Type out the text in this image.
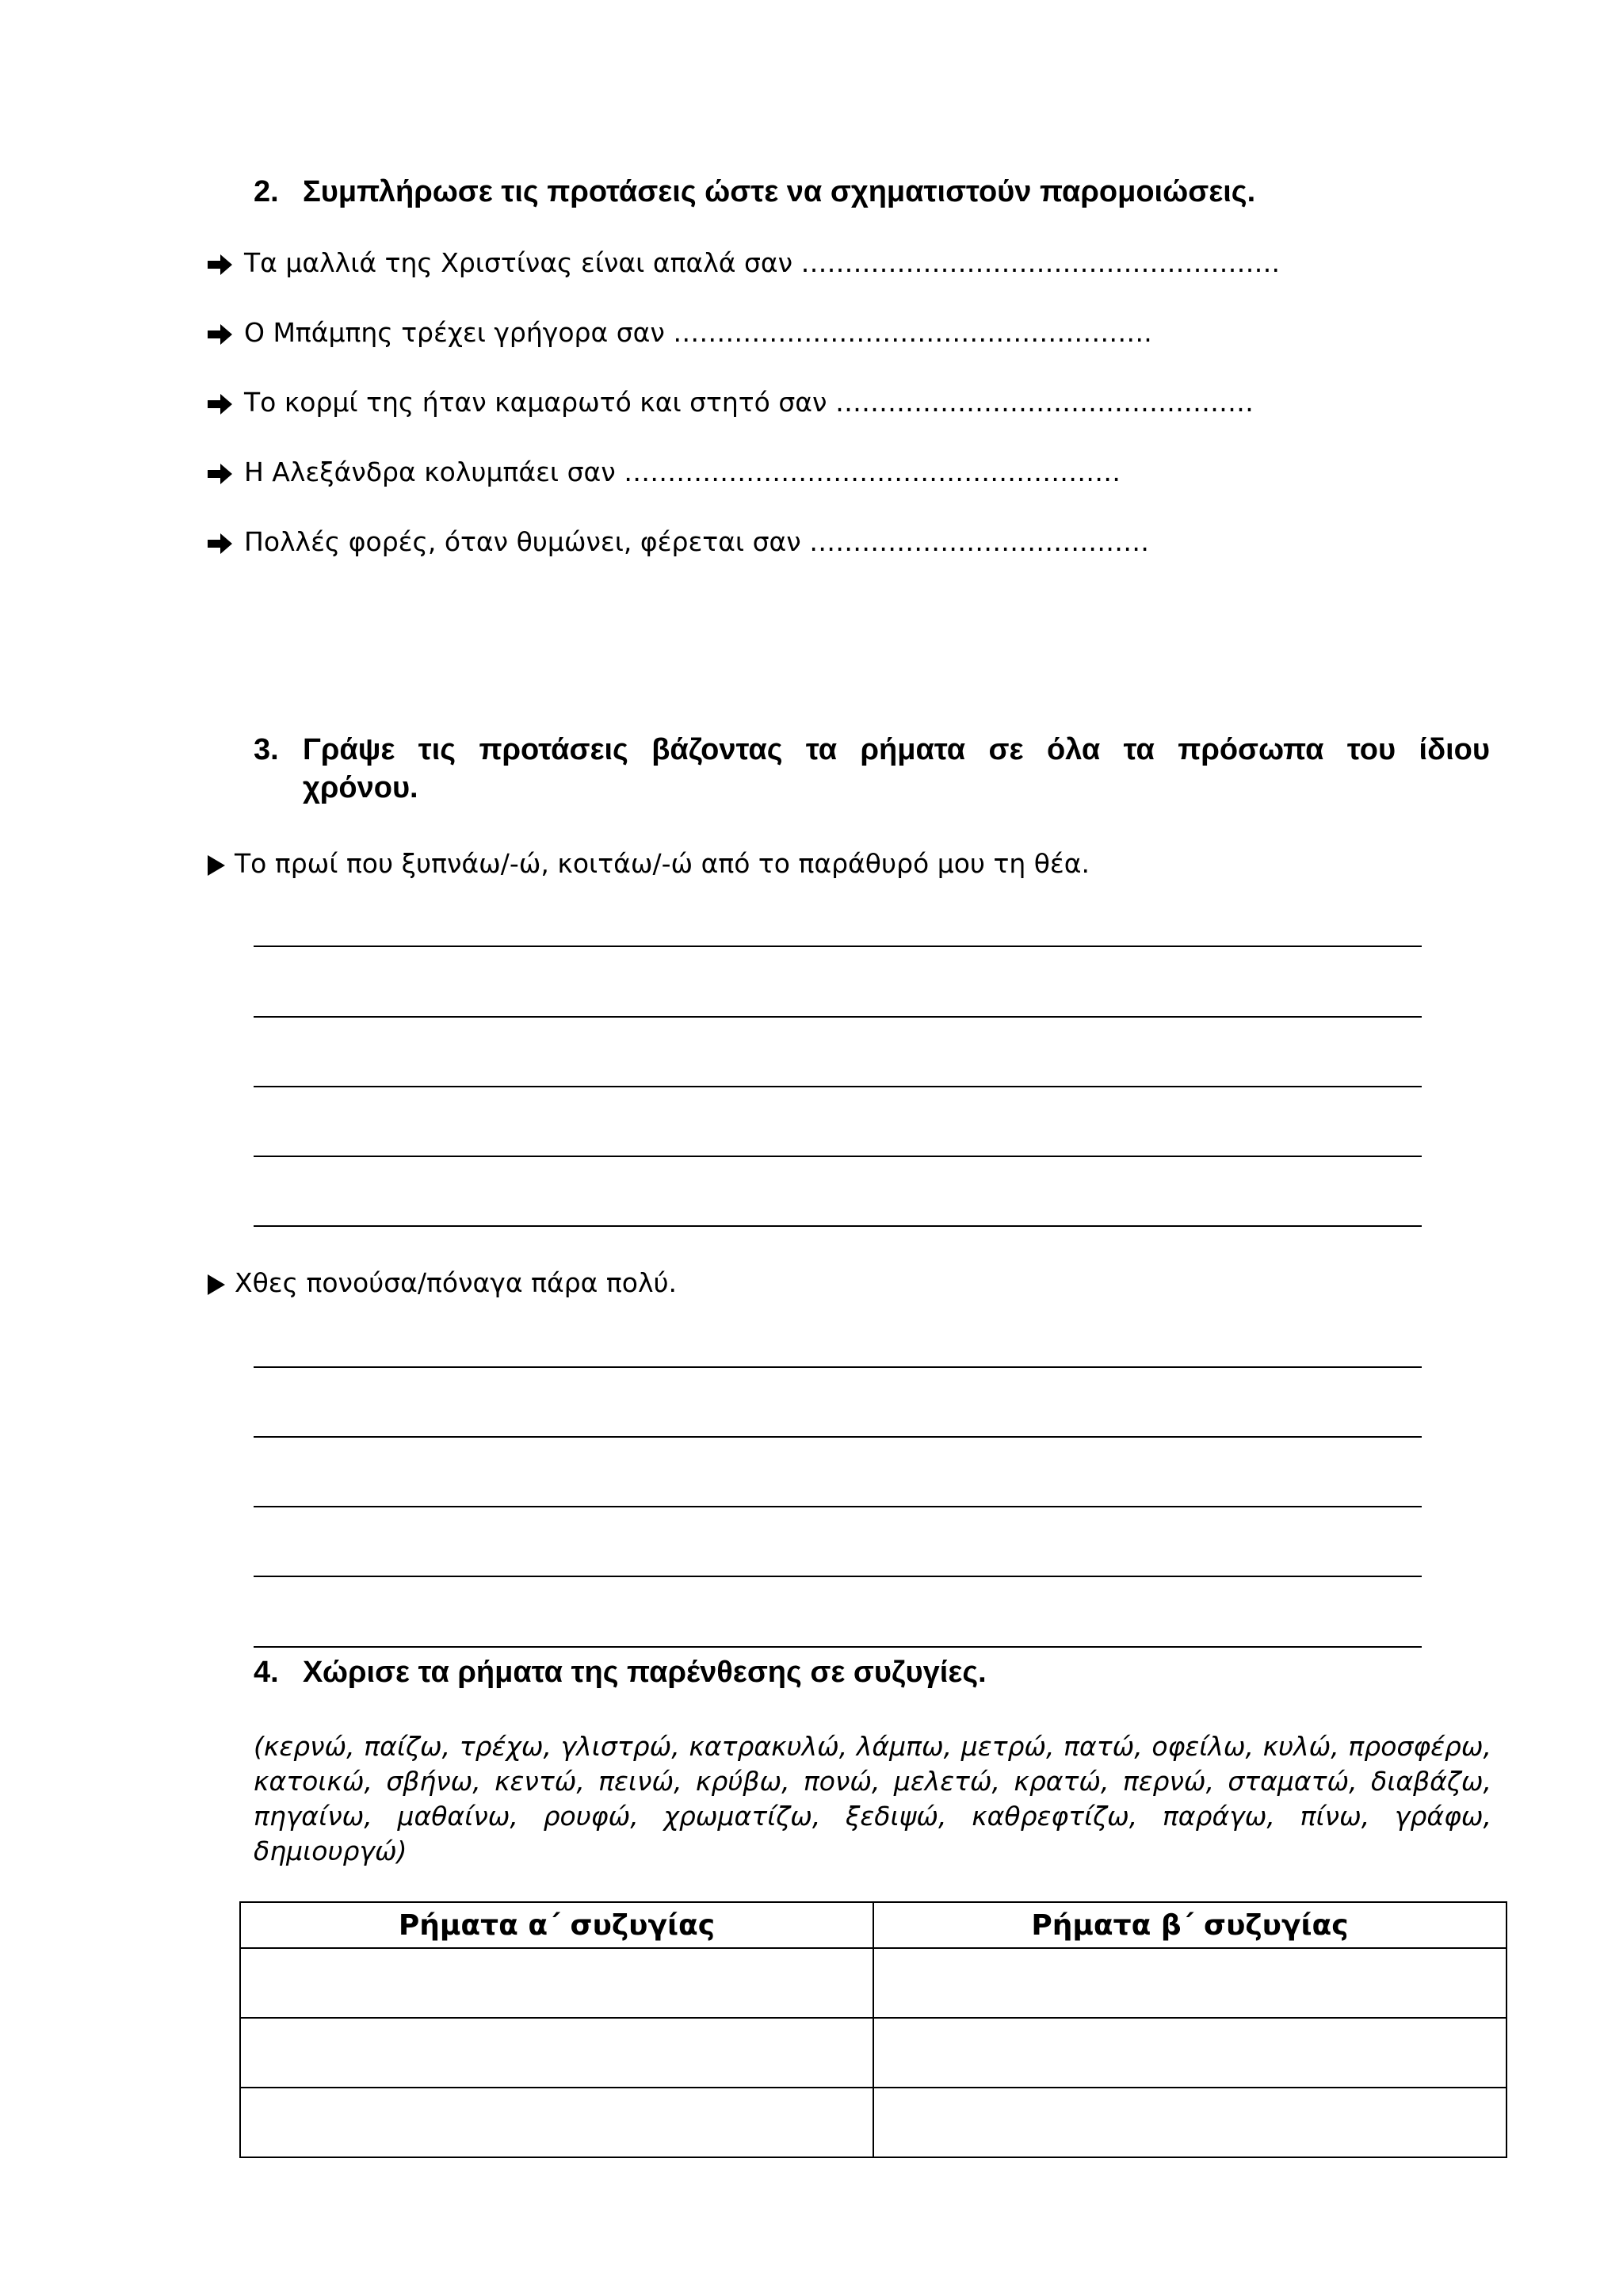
2. Συμπλήρωσε τις προτάσεις ώστε να σχηματιστούν παρομοιώσεις.
Τα μαλλιά της Χριστίνας είναι απαλά σαν ……………………………………………….
Ο Μπάμπης τρέχει γρήγορα σαν ……………………………………………….
Το κορμί της ήταν καμαρωτό και στητό σαν …………………………………………
Η Αλεξάνδρα κολυμπάει σαν …………………………………………………
Πολλές φορές, όταν θυμώνει, φέρεται σαν …………………………………
3. Γράψε τις προτάσεις βάζοντας τα ρήματα σε όλα τα πρόσωπα του ίδιου
χρόνου.
Το πρωί που ξυπνάω/-ώ, κοιτάω/-ώ από το παράθυρό μου τη θέα.
Χθες πονούσα/πόναγα πάρα πολύ.
4. Χώρισε τα ρήματα της παρένθεσης σε συζυγίες.
(κερνώ, παίζω, τρέχω, γλιστρώ, κατρακυλώ, λάμπω, μετρώ, πατώ, οφείλω, κυλώ, προσφέρω, κατοικώ, σβήνω, κεντώ, πεινώ, κρύβω, πονώ, μελετώ, κρατώ, περνώ, σταματώ, διαβάζω, πηγαίνω, μαθαίνω, ρουφώ, χρωματίζω, ξεδιψώ, καθρεφτίζω, παράγω, πίνω, γράφω, δημιουργώ)
Ρήματα α΄ συζυγίας	Ρήματα β΄ συζυγίας
